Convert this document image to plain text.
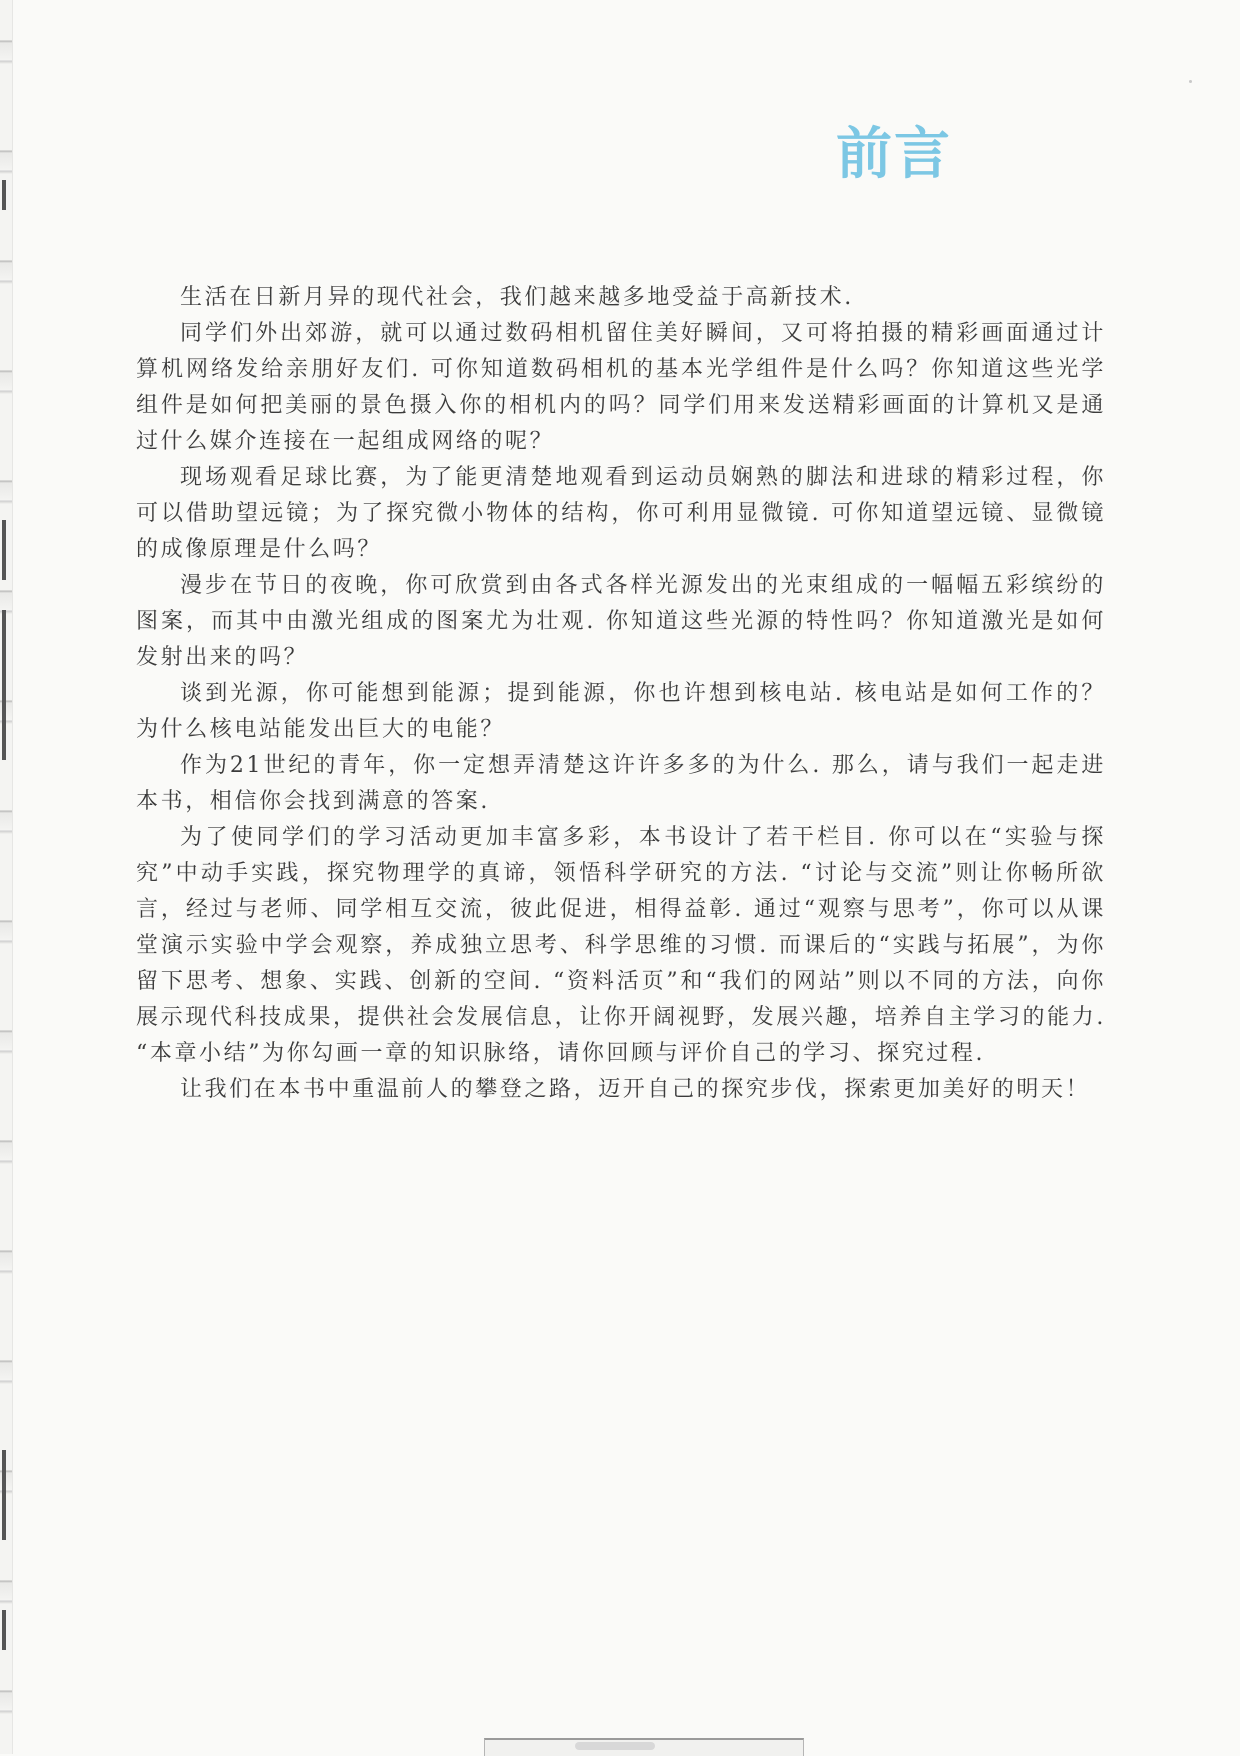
前言

生活在日新月异的现代社会，我们越来越多地受益于高新技术.

同学们外出郊游，就可以通过数码相机留住美好瞬间，又可将拍摄的精彩画面通过计算机网络发给亲朋好友们. 可你知道数码相机的基本光学组件是什么吗？你知道这些光学组件是如何把美丽的景色摄入你的相机内的吗？同学们用来发送精彩画面的计算机又是通过什么媒介连接在一起组成网络的呢？

现场观看足球比赛，为了能更清楚地观看到运动员娴熟的脚法和进球的精彩过程，你可以借助望远镜；为了探究微小物体的结构，你可利用显微镜. 可你知道望远镜、显微镜的成像原理是什么吗？

漫步在节日的夜晚，你可欣赏到由各式各样光源发出的光束组成的一幅幅五彩缤纷的图案，而其中由激光组成的图案尤为壮观. 你知道这些光源的特性吗？你知道激光是如何发射出来的吗？

谈到光源，你可能想到能源；提到能源，你也许想到核电站. 核电站是如何工作的？为什么核电站能发出巨大的电能？

作为21世纪的青年，你一定想弄清楚这许许多多的为什么. 那么，请与我们一起走进本书，相信你会找到满意的答案.

为了使同学们的学习活动更加丰富多彩，本书设计了若干栏目. 你可以在“实验与探究”中动手实践，探究物理学的真谛，领悟科学研究的方法. “讨论与交流”则让你畅所欲言，经过与老师、同学相互交流，彼此促进，相得益彰. 通过“观察与思考”，你可以从课堂演示实验中学会观察，养成独立思考、科学思维的习惯. 而课后的“实践与拓展”，为你留下思考、想象、实践、创新的空间. “资料活页”和“我们的网站”则以不同的方法，向你展示现代科技成果，提供社会发展信息，让你开阔视野，发展兴趣，培养自主学习的能力. “本章小结”为你勾画一章的知识脉络，请你回顾与评价自己的学习、探究过程.

让我们在本书中重温前人的攀登之路，迈开自己的探究步伐，探索更加美好的明天！
